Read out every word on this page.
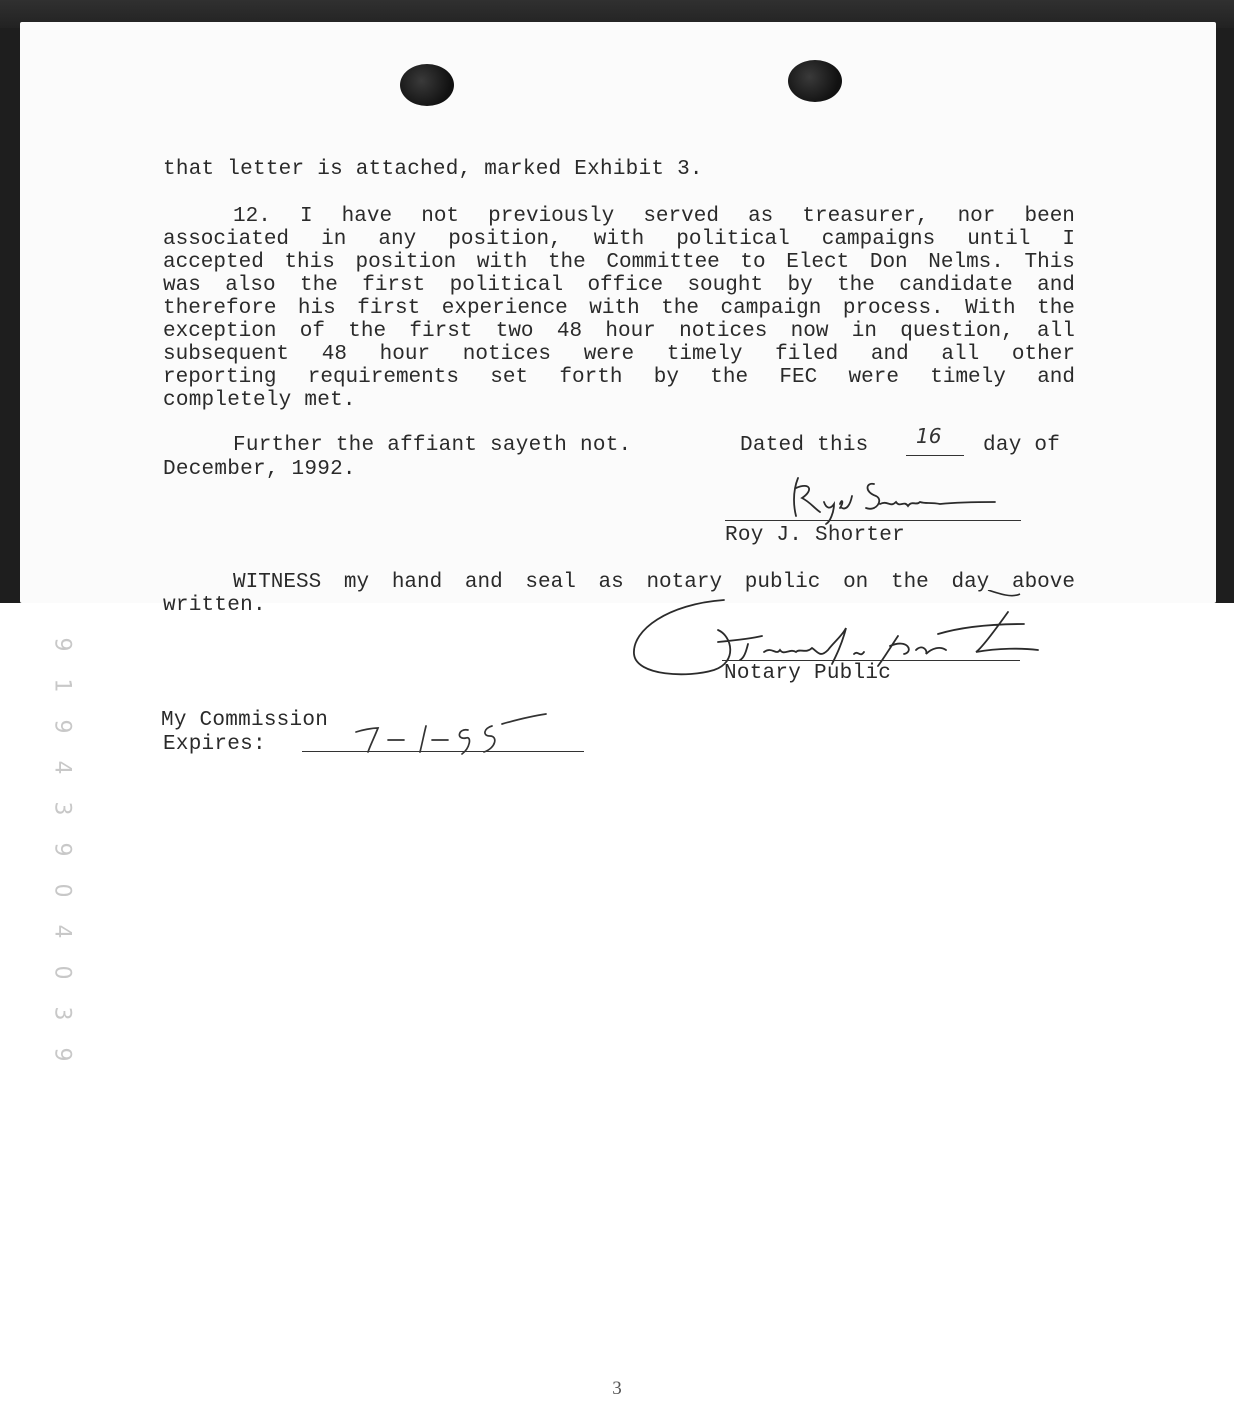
that letter is attached, marked Exhibit 3.
12. I have not previously served as treasurer, nor been
associated in any position, with political campaigns until I
accepted this position with the Committee to Elect Don Nelms. This
was also the first political office sought by the candidate and
therefore his first experience with the campaign process. With the
exception of the first two 48 hour notices now in question, all
subsequent 48 hour notices were timely filed and all other
reporting requirements set forth by the FEC were timely and
completely met.
Further the affiant sayeth not.	Dated this 16 day of
December, 1992.
Roy J. Shorter
WITNESS my hand and seal as notary public on the day above
written.
Notary Public
My Commission
Expires:
9
1
9
4
3
9
0
4
0
3
9
3
